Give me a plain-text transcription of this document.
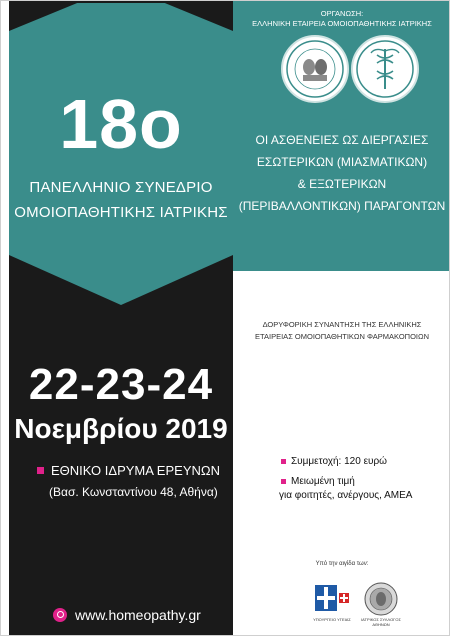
18ο
ΠΑΝΕΛΛΗΝΙΟ ΣΥΝΕΔΡΙΟ
ΟΜΟΙΟΠΑΘΗΤΙΚΗΣ ΙΑΤΡΙΚΗΣ
22-23-24
Νοεμβρίου 2019
ΕΘΝΙΚΟ ΙΔΡΥΜΑ ΕΡΕΥΝΩΝ
(Βασ. Κωνσταντίνου 48, Αθήνα)
www.homeopathy.gr
ΟΡΓΑΝΩΣΗ:
ΕΛΛΗΝΙΚΗ ΕΤΑΙΡΕΙΑ ΟΜΟΙΟΠΑΘΗΤΙΚΗΣ ΙΑΤΡΙΚΗΣ
ΟΙ ΑΣΘΕΝΕΙΕΣ ΩΣ ΔΙΕΡΓΑΣΙΕΣ
ΕΣΩΤΕΡΙΚΩΝ (ΜΙΑΣΜΑΤΙΚΩΝ)
& ΕΞΩΤΕΡΙΚΩΝ
(ΠΕΡΙΒΑΛΛΟΝΤΙΚΩΝ) ΠΑΡΑΓΟΝΤΩΝ
ΔΟΡΥΦΟΡΙΚΗ ΣΥΝΑΝΤΗΣΗ ΤΗΣ ΕΛΛΗΝΙΚΗΣ
ΕΤΑΙΡΕΙΑΣ ΟΜΟΙΟΠΑΘΗΤΙΚΩΝ ΦΑΡΜΑΚΟΠΟΙΩΝ
Συμμετοχή: 120 ευρώ
Μειωμένη τιμή
για φοιτητές, ανέργους, ΑΜΕΑ
Υπό την αιγίδα των:
ΥΠΟΥΡΓΕΙΟ ΥΓΕΙΑΣ	ΙΑΤΡΙΚΟΣ ΣΥΛΛΟΓΟΣ ΑΘΗΝΩΝ
